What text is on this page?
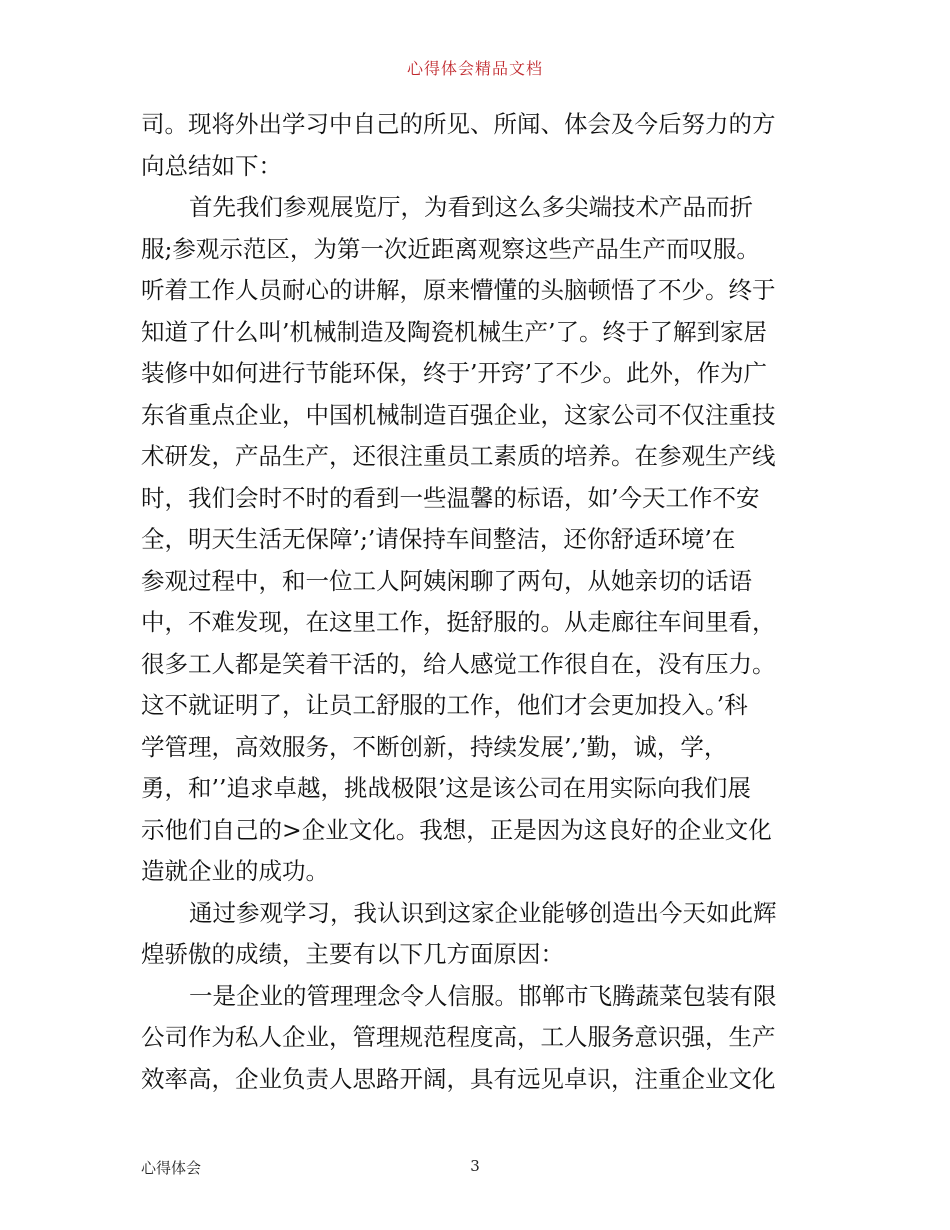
心得体会精品文档
司。现将外出学习中自己的所见、所闻、体会及今后努力的方
向总结如下：
首先我们参观展览厅，为看到这么多尖端技术产品而折
服;参观示范区，为第一次近距离观察这些产品生产而叹服。
听着工作人员耐心的讲解，原来懵懂的头脑顿悟了不少。终于
知道了什么叫’机械制造及陶瓷机械生产’了。终于了解到家居
装修中如何进行节能环保，终于’开窍’了不少。此外，作为广
东省重点企业，中国机械制造百强企业，这家公司不仅注重技
术研发，产品生产，还很注重员工素质的培养。在参观生产线
时，我们会时不时的看到一些温馨的标语，如’今天工作不安
全，明天生活无保障’;’请保持车间整洁，还你舒适环境’在
参观过程中，和一位工人阿姨闲聊了两句，从她亲切的话语
中，不难发现，在这里工作，挺舒服的。从走廊往车间里看，
很多工人都是笑着干活的，给人感觉工作很自在，没有压力。
这不就证明了，让员工舒服的工作，他们才会更加投入。’科
学管理，高效服务，不断创新，持续发展’,’勤，诚，学，
勇，和’’追求卓越，挑战极限’这是该公司在用实际向我们展
示他们自己的>企业文化。我想，正是因为这良好的企业文化
造就企业的成功。
通过参观学习，我认识到这家企业能够创造出今天如此辉
煌骄傲的成绩，主要有以下几方面原因：
一是企业的管理理念令人信服。邯郸市飞腾蔬菜包装有限
公司作为私人企业，管理规范程度高，工人服务意识强，生产
效率高，企业负责人思路开阔，具有远见卓识，注重企业文化
心得体会	3
